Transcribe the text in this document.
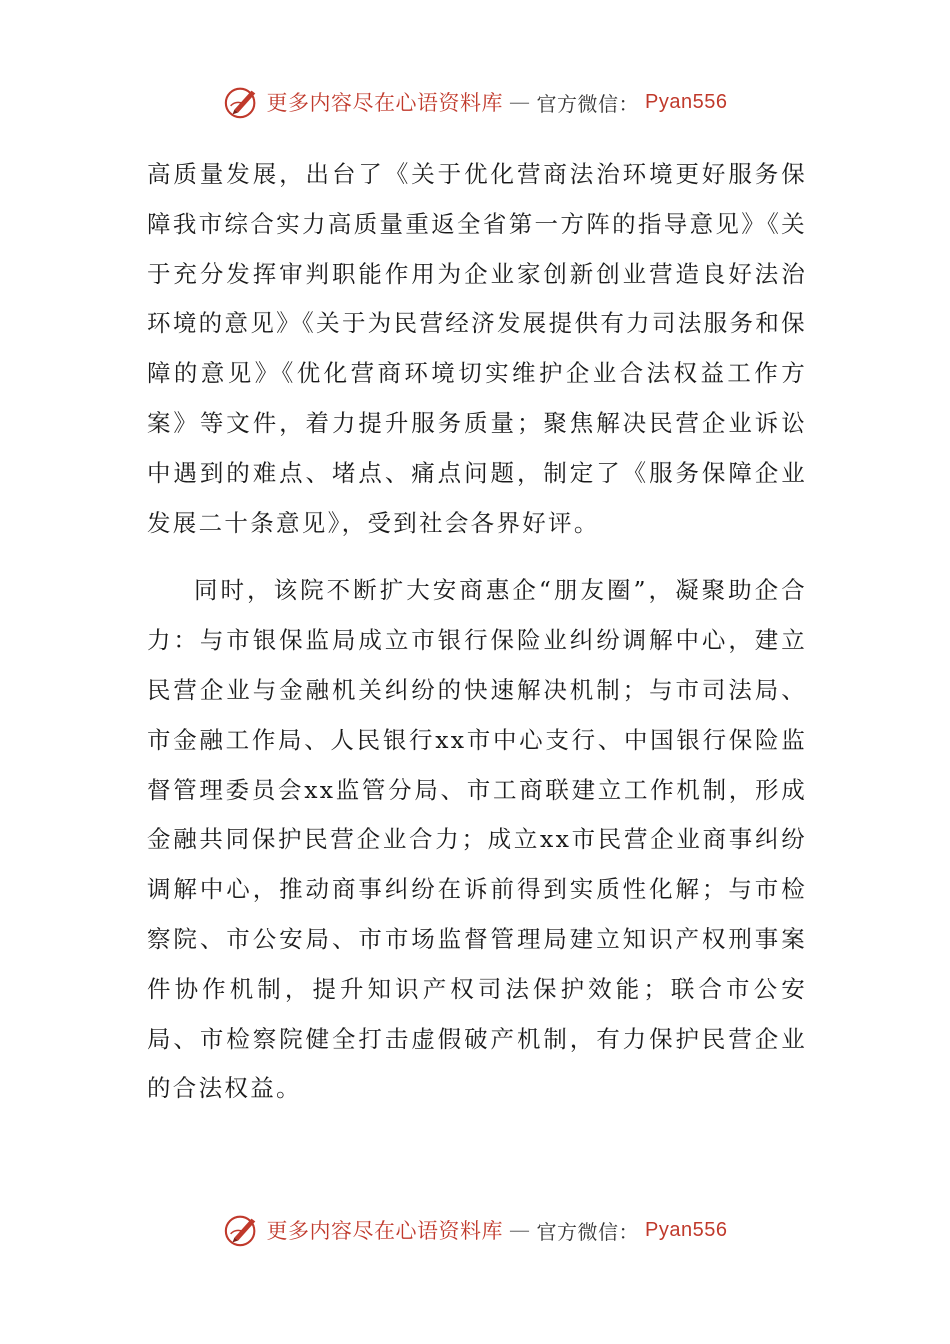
更多内容尽在心语资料库 — 官方微信： Pyan556

高质量发展，出台了《关于优化营商法治环境更好服务保障我市综合实力高质量重返全省第一方阵的指导意见》《关于充分发挥审判职能作用为企业家创新创业营造良好法治环境的意见》《关于为民营经济发展提供有力司法服务和保障的意见》《优化营商环境切实维护企业合法权益工作方案》等文件，着力提升服务质量；聚焦解决民营企业诉讼中遇到的难点、堵点、痛点问题，制定了《服务保障企业发展二十条意见》，受到社会各界好评。

同时，该院不断扩大安商惠企“朋友圈”，凝聚助企合力：与市银保监局成立市银行保险业纠纷调解中心，建立民营企业与金融机关纠纷的快速解决机制；与市司法局、市金融工作局、人民银行xx市中心支行、中国银行保险监督管理委员会xx监管分局、市工商联建立工作机制，形成金融共同保护民营企业合力；成立xx市民营企业商事纠纷调解中心，推动商事纠纷在诉前得到实质性化解；与市检察院、市公安局、市市场监督管理局建立知识产权刑事案件协作机制，提升知识产权司法保护效能；联合市公安局、市检察院健全打击虚假破产机制，有力保护民营企业的合法权益。

更多内容尽在心语资料库 — 官方微信： Pyan556
